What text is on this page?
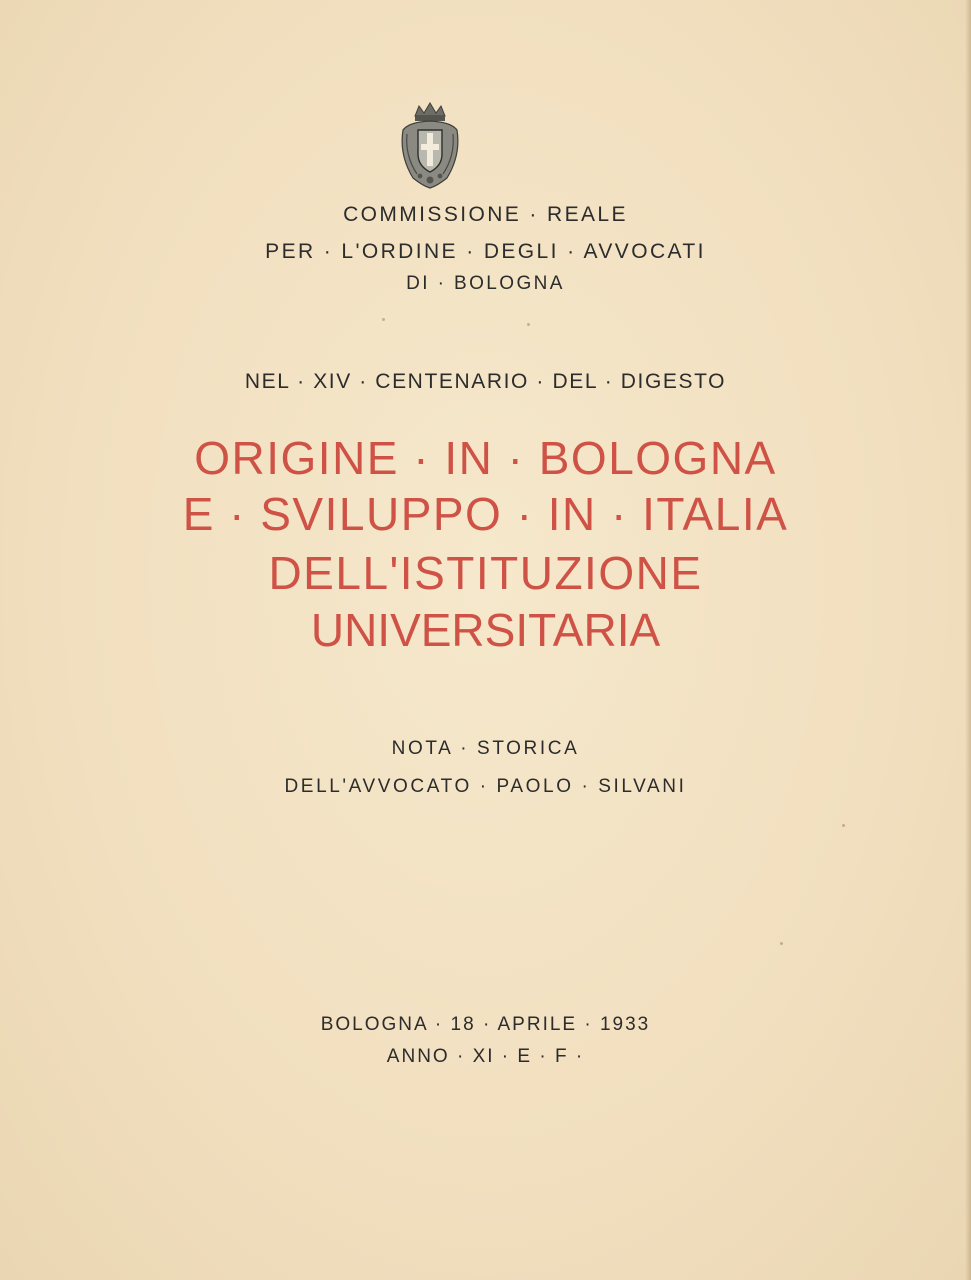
COMMISSIONE · REALE
PER · L'ORDINE · DEGLI · AVVOCATI
DI · BOLOGNA
NEL · XIV · CENTENARIO · DEL · DIGESTO
ORIGINE · IN · BOLOGNA
E · SVILUPPO · IN · ITALIA
DELL'ISTITUZIONE
UNIVERSITARIA
NOTA · STORICA
DELL'AVVOCATO · PAOLO · SILVANI
BOLOGNA · 18 · APRILE · 1933
ANNO · XI · E · F ·
